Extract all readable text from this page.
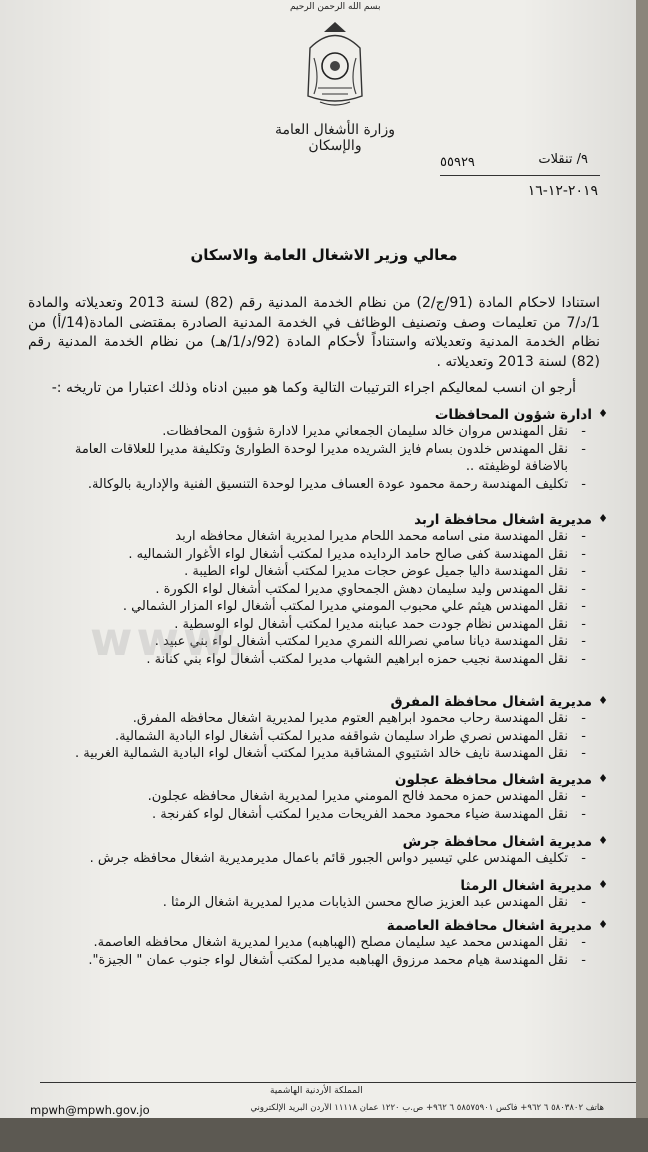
بسم الله الرحمن الرحيم
وزارة الأشغال العامة والإسكان
٩/ تنقلات
٥٥٩٢٩
٢٠١٩-١٢-١٦
معالي وزير الاشغال العامة والاسكان
استنادا لاحكام المادة (91/ج/2) من نظام الخدمة المدنية رقم (82) لسنة 2013 وتعديلاته والمادة 1/د/7 من تعليمات وصف وتصنيف الوظائف في الخدمة المدنية الصادرة بمقتضى المادة(14/أ) من نظام الخدمة المدنية وتعديلاته واستناداً لأحكام المادة (92/د/1/هـ) من نظام الخدمة المدنية رقم (82) لسنة 2013 وتعديلاته .
أرجو ان انسب لمعاليكم اجراء الترتيبات التالية وكما هو مبين ادناه وذلك اعتبارا من تاريخه :-
♦
ادارة شؤون المحافظات
- نقل المهندس مروان خالد سليمان الجمعاني مديرا لادارة شؤون المحافظات.
- نقل المهندس خلدون بسام فايز الشريده مديرا لوحدة الطوارئ وتكليفة مديرا للعلاقات العامة بالاضافة لوظيفته ..
- تكليف المهندسة رحمة محمود عودة العساف مديرا لوحدة التنسيق الفنية والإدارية بالوكالة.
♦
مديرية اشغال محافظة اربد
- نقل المهندسة منى اسامه محمد اللحام مديرا لمديرية اشغال محافظه اربد
- نقل المهندسة كفى صالح حامد الردايده مديرا لمكتب أشغال لواء الأغوار الشماليه .
- نقل المهندسة داليا جميل عوض حجات مديرا لمكتب أشغال لواء الطيبة .
- نقل المهندس وليد سليمان دهش الجمحاوي مديرا لمكتب أشغال لواء الكورة .
- نقل المهندس هيثم علي محبوب المومني مديرا لمكتب أشغال لواء المزار الشمالي .
- نقل المهندس نظام جودت حمد عبابنه مديرا لمكتب أشغال لواء الوسطية .
- نقل المهندسة ديانا سامي نصرالله النمري مديرا لمكتب أشغال لواء بني عبيد .
- نقل المهندسة نجيب حمزه ابراهيم الشهاب مديرا لمكتب أشغال لواء بني كنانة .
♦
مديرية اشغال محافظة المفرق
- نقل المهندسة رحاب محمود ابراهيم العتوم مديرا لمديرية اشغال محافظه المفرق.
- نقل المهندس نصري طراد سليمان شواقفه مديرا لمكتب أشغال لواء البادية الشمالية.
- نقل المهندسة نايف خالد اشتيوي المشاقبة مديرا لمكتب أشغال لواء البادية الشمالية الغربية .
♦
مديرية اشغال محافظة عجلون
- نقل المهندس حمزه محمد فالح المومني مديرا لمديرية اشغال محافظه عجلون.
- نقل المهندسة ضياء محمود محمد الفريحات مديرا لمكتب أشغال لواء كفرنجة .
♦
مديرية اشغال محافظة جرش
- تكليف المهندس علي تيسير دواس الجبور قائم باعمال مديرمديرية اشغال محافظه جرش .
♦
مديرية اشغال الرمثا
- نقل المهندس عبد العزيز صالح محسن الذيابات مديرا لمديرية اشغال الرمثا .
♦
مديرية اشغال محافظة العاصمة
- نقل المهندس محمد عيد سليمان مصلح (الهباهبه) مديرا لمديرية اشغال محافظه العاصمة.
- نقل المهندسة هيام محمد مرزوق الهباهبه مديرا لمكتب أشغال لواء جنوب عمان " الجيزة".
www.
المملكة الأردنية الهاشمية
هاتف ٥٨٠٣٨٠٢ ٦ ٩٦٢+ فاكس ٥٨٥٧٥٩٠١ ٦ ٩٦٢+ ص.ب ١٢٢٠ عمان ١١١١٨ الأردن البريد الإلكتروني
mpwh@mpwh.gov.jo
